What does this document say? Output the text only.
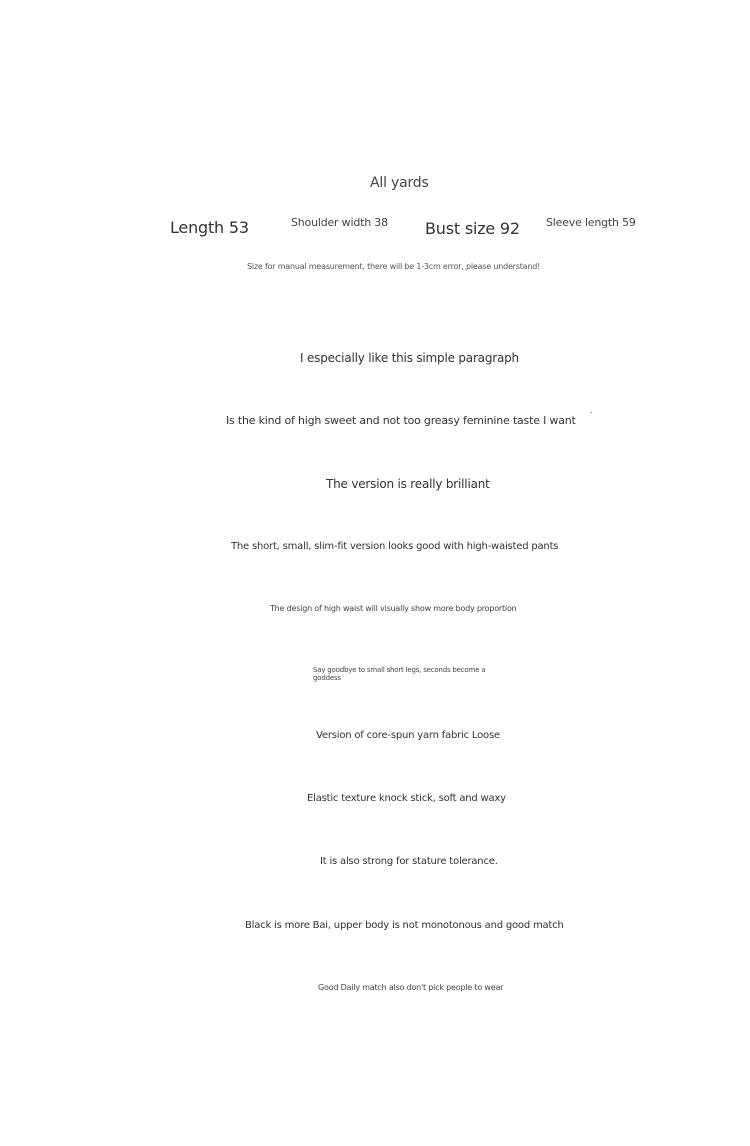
All yards
Length 53	Shoulder width 38 Bust size 92 Sleeve length 59
Size for manual measurement, there will be 1-3cm error, please understand!
I especially like this simple paragraph
Is the kind of high sweet and not too greasy feminine taste I want
.
The version is really brilliant
The short, small, slim-fit version looks good with high-waisted pants
The design of high waist will visually show more body proportion
Say goodbye to small short legs, seconds become a goddess
Version of core-spun yarn fabric Loose
Elastic texture knock stick, soft and waxy
It is also strong for stature tolerance.
Black is more Bai, upper body is not monotonous and good match
Good Daily match also don't pick people to wear
